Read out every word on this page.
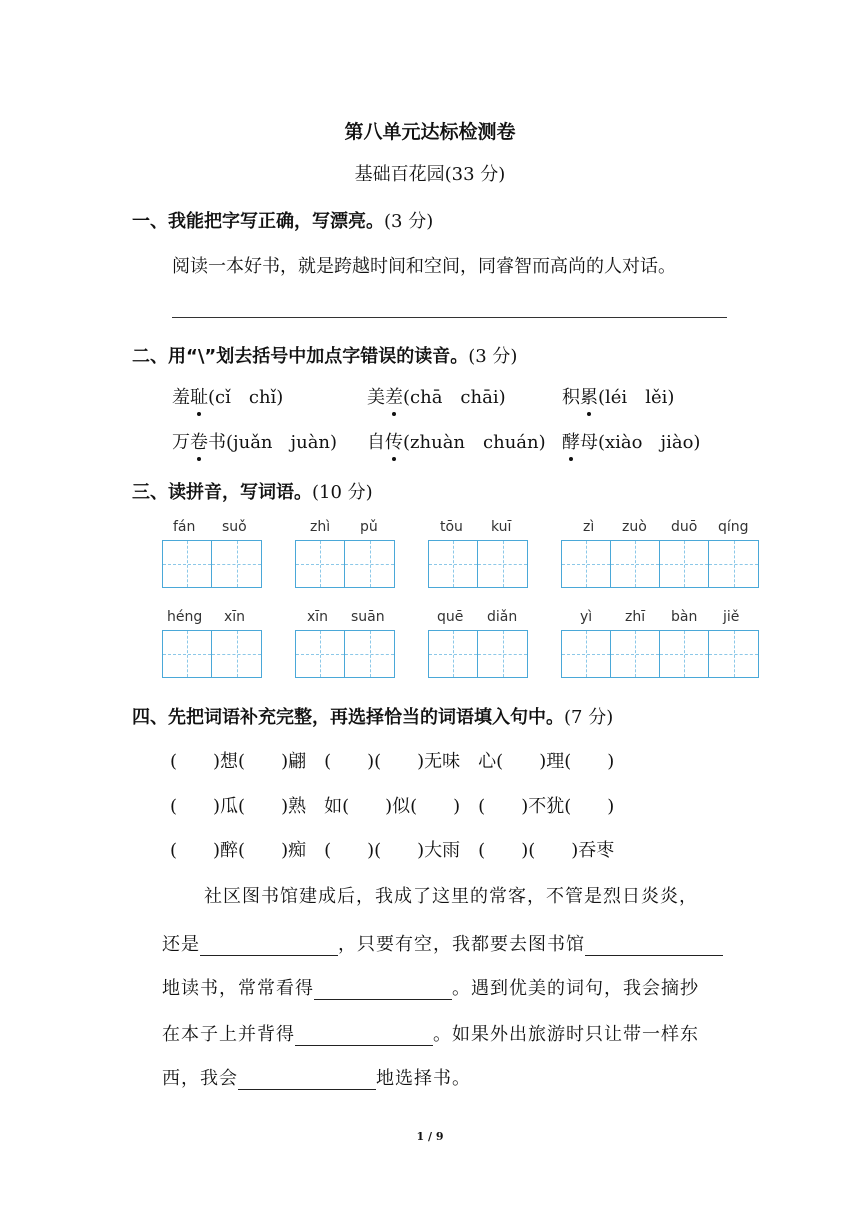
第八单元达标检测卷
基础百花园(33 分)
一、我能把字写正确，写漂亮。(3 分)
阅读一本好书，就是跨越时间和空间，同睿智而高尚的人对话。
二、用“\”划去括号中加点字错误的读音。(3 分)
羞耻(cǐ　chǐ)	美差(chā　chāi)	积累(léi　lěi)
万卷书(juǎn　juàn) 自传(zhuàn　chuán) 酵母(xiào　jiào)
三、读拼音，写词语。(10 分)
fán suǒ	zhì pǔ	tōu kuī	zì zuò duō qíng
héng xīn	xīn suān	quē diǎn	yì zhī bàn jiě
四、先把词语补充完整，再选择恰当的词语填入句中。(7 分)
(　　)想(　　)翩　(　　)(　　)无味　心(　　)理(　　)
(　　)瓜(　　)熟　如(　　)似(　　)　(　　)不犹(　　)
(　　)醉(　　)痴　(　　)(　　)大雨　(　　)(　　)吞枣
社区图书馆建成后，我成了这里的常客，不管是烈日炎炎，
还是	，只要有空，我都要去图书馆
地读书，常常看得	。遇到优美的词句，我会摘抄
在本子上并背得	。如果外出旅游时只让带一样东
西，我会	地选择书。
1 / 9
